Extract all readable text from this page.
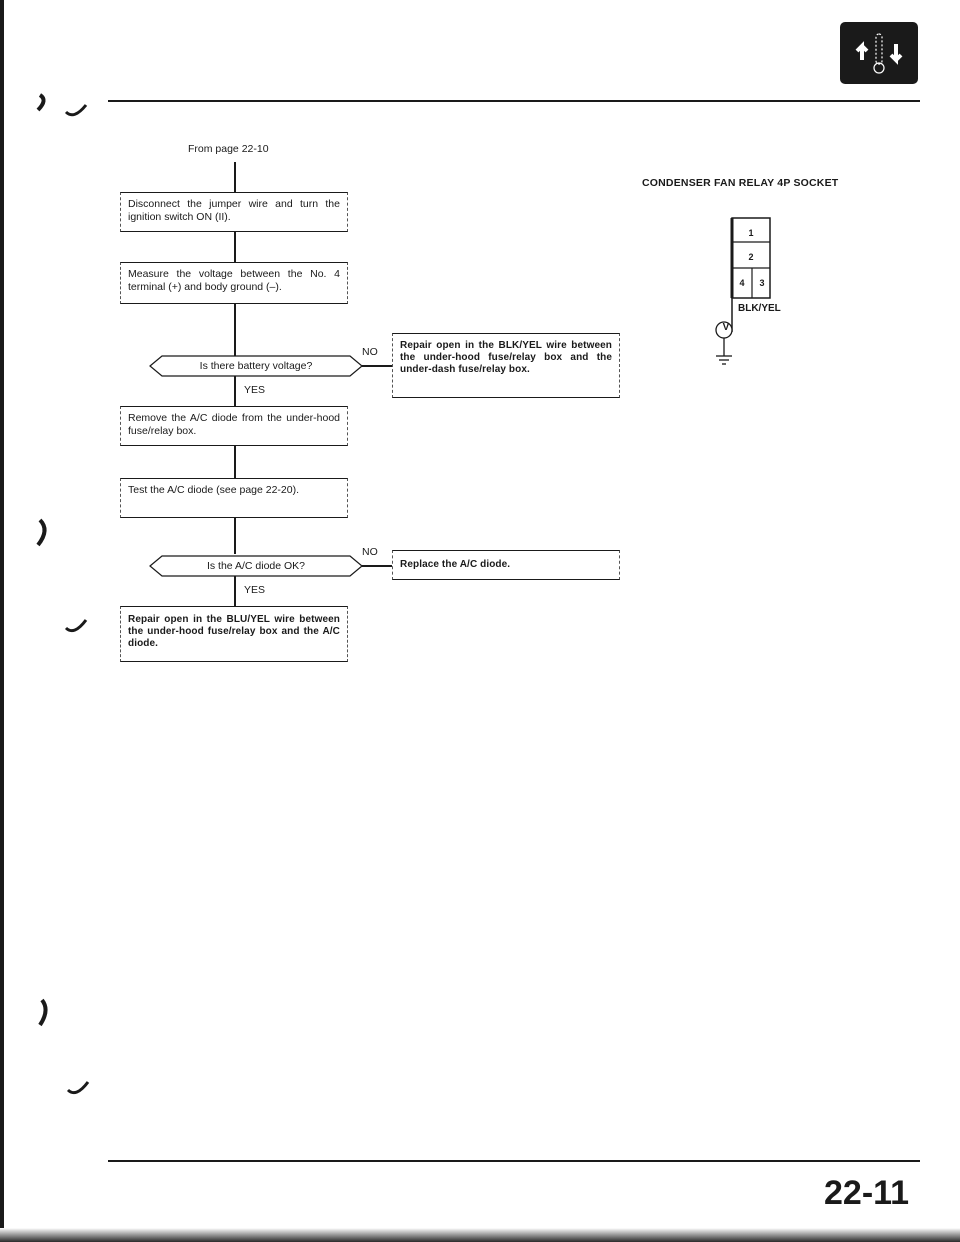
From page 22-10
Disconnect the jumper wire and turn the ignition switch ON (II).
Measure the voltage between the No. 4 terminal (+) and body ground (–).
Is there battery voltage?
NO
Repair open in the BLK/YEL wire between the under-hood fuse/relay box and the under-dash fuse/relay box.
YES
Remove the A/C diode from the under-hood fuse/relay box.
Test the A/C diode (see page 22-20).
Is the A/C diode OK?
NO
Replace the A/C diode.
YES
Repair open in the BLU/YEL wire between the under-hood fuse/relay box and the A/C diode.
CONDENSER FAN RELAY 4P SOCKET
1
2
4	3
BLK/YEL
V
22-11
